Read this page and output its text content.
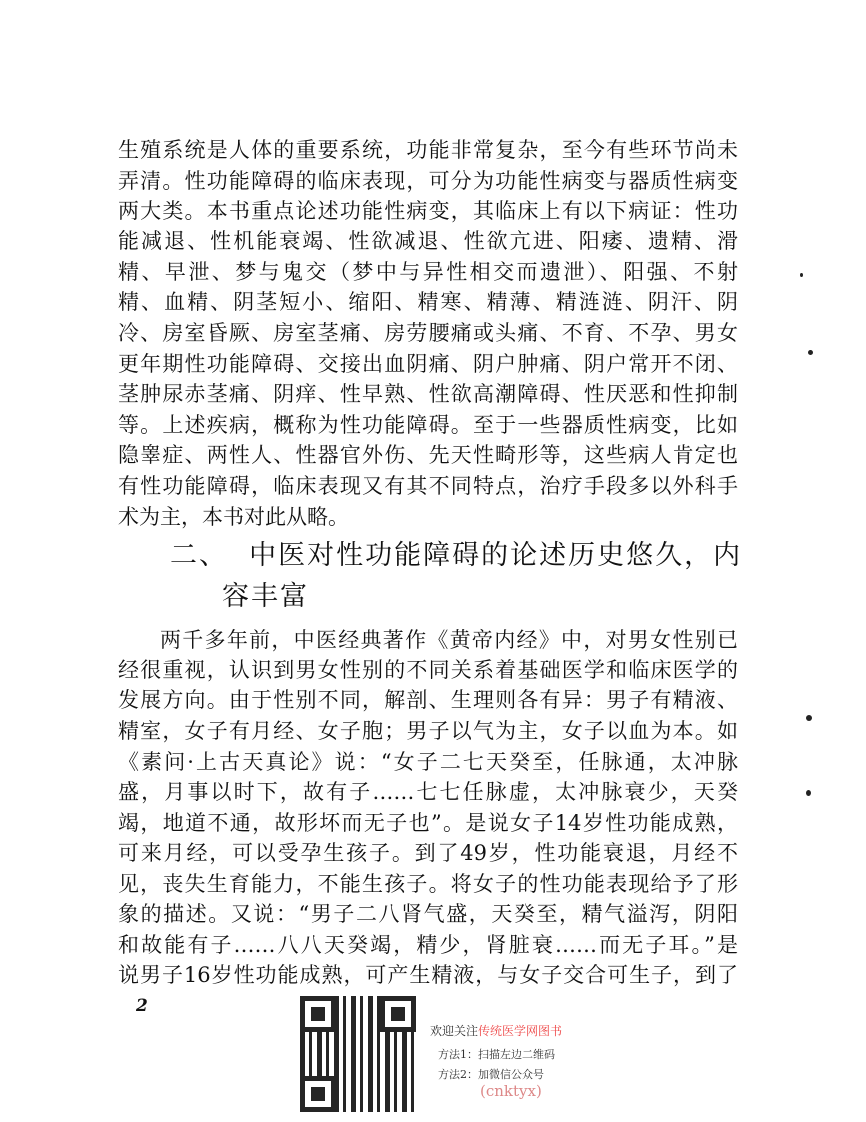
生殖系统是人体的重要系统，功能非常复杂，至今有些环节尚未
弄清。性功能障碍的临床表现，可分为功能性病变与器质性病变
两大类。本书重点论述功能性病变，其临床上有以下病证：性功
能减退、性机能衰竭、性欲减退、性欲亢进、阳痿、遗精、滑
精、早泄、梦与鬼交（梦中与异性相交而遗泄）、阳强、不射
精、血精、阴茎短小、缩阳、精寒、精薄、精涟涟、阴汗、阴
冷、房室昏厥、房室茎痛、房劳腰痛或头痛、不育、不孕、男女
更年期性功能障碍、交接出血阴痛、阴户肿痛、阴户常开不闭、
茎肿尿赤茎痛、阴痒、性早熟、性欲高潮障碍、性厌恶和性抑制
等。上述疾病，概称为性功能障碍。至于一些器质性病变，比如
隐睾症、两性人、性器官外伤、先天性畸形等，这些病人肯定也
有性功能障碍，临床表现又有其不同特点，治疗手段多以外科手
术为主，本书对此从略。
二、 中医对性功能障碍的论述历史悠久，内
容丰富
两千多年前，中医经典著作《黄帝内经》中，对男女性别已
经很重视，认识到男女性别的不同关系着基础医学和临床医学的
发展方向。由于性别不同，解剖、生理则各有异：男子有精液、
精室，女子有月经、女子胞；男子以气为主，女子以血为本。如
《素问·上古天真论》说：“女子二七天癸至，任脉通，太冲脉
盛，月事以时下，故有子……七七任脉虚，太冲脉衰少，天癸
竭，地道不通，故形坏而无子也”。是说女子14岁性功能成熟，
可来月经，可以受孕生孩子。到了49岁，性功能衰退，月经不
见，丧失生育能力，不能生孩子。将女子的性功能表现给予了形
象的描述。又说：“男子二八肾气盛，天癸至，精气溢泻，阴阳
和故能有子……八八天癸竭，精少，肾脏衰……而无子耳。”是
说男子16岁性功能成熟，可产生精液，与女子交合可生子，到了
2
欢迎关注传统医学网图书
方法1：扫描左边二维码
方法2：加微信公众号
(cnktyx)
